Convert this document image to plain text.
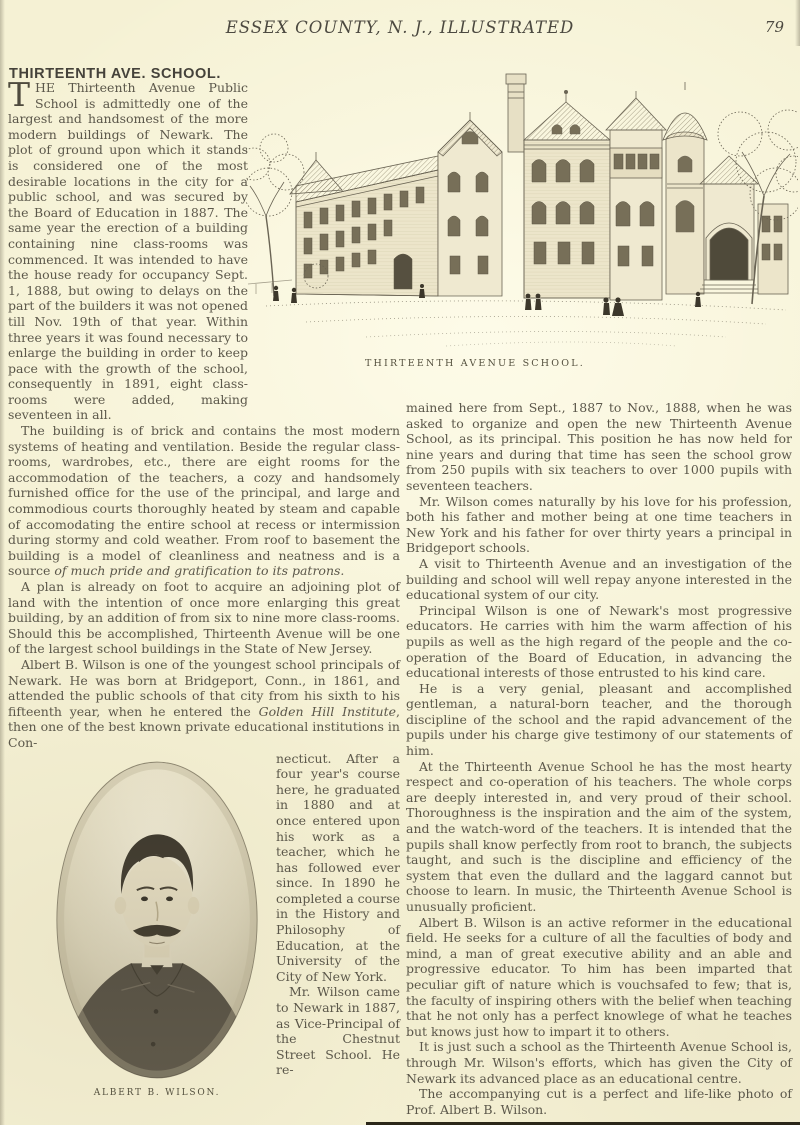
ESSEX COUNTY, N. J., ILLUSTRATED	79
THIRTEENTH AVE. SCHOOL.
THIRTEENTH AVENUE SCHOOL.

THE Thirteenth Avenue Public School is admittedly one of the largest and handsomest of the more modern buildings of Newark. The plot of ground upon which it stands is considered one of the most desirable locations in the city for a public school, and was secured by the Board of Education in 1887. The same year the erection of a building containing nine class-rooms was commenced. It was intended to have the house ready for occupancy Sept. 1, 1888, but owing to delays on the part of the builders it was not opened till Nov. 19th of that year. Within three years it was found necessary to enlarge the building in order to keep pace with the growth of the school, consequently in 1891, eight class-rooms were added, making seventeen in all.

The building is of brick and contains the most modern systems of heating and ventilation. Beside the regular class-rooms, wardrobes, etc., there are eight rooms for the accommodation of the teachers, a cozy and handsomely furnished office for the use of the principal, and large and commodious courts thoroughly heated by steam and capable of accomodating the entire school at recess or intermission during stormy and cold weather. From roof to basement the building is a model of cleanliness and neatness and is a source of much pride and gratification to its patrons.

A plan is already on foot to acquire an adjoining plot of land with the intention of once more enlarging this great building, by an addition of from six to nine more class-rooms. Should this be accomplished, Thirteenth Avenue will be one of the largest school buildings in the State of New Jersey.

Albert B. Wilson is one of the youngest school principals of Newark. He was born at Bridgeport, Conn., in 1861, and attended the public schools of that city from his sixth to his fifteenth year, when he entered the Golden Hill Institute, then one of the best known private educational institutions in Con-

ALBERT B. WILSON.

necticut. After a four year's course here, he graduated in 1880 and at once entered upon his work as a teacher, which he has followed ever since. In 1890 he completed a course in the History and Philosophy of Education, at the University of the City of New York.

Mr. Wilson came to Newark in 1887, as Vice-Principal of the Chestnut Street School. He re-

mained here from Sept., 1887 to Nov., 1888, when he was asked to organize and open the new Thirteenth Avenue School, as its principal. This position he has now held for nine years and during that time has seen the school grow from 250 pupils with six teachers to over 1000 pupils with seventeen teachers.

Mr. Wilson comes naturally by his love for his profession, both his father and mother being at one time teachers in New York and his father for over thirty years a principal in Bridgeport schools.

A visit to Thirteenth Avenue and an investigation of the building and school will well repay anyone interested in the educational system of our city.

Principal Wilson is one of Newark's most progressive educators. He carries with him the warm affection of his pupils as well as the high regard of the people and the co-operation of the Board of Education, in advancing the educational interests of those entrusted to his kind care.

He is a very genial, pleasant and accomplished gentleman, a natural-born teacher, and the thorough discipline of the school and the rapid advancement of the pupils under his charge give testimony of our statements of him.

At the Thirteenth Avenue School he has the most hearty respect and co-operation of his teachers. The whole corps are deeply interested in, and very proud of their school. Thoroughness is the inspiration and the aim of the system, and the watch-word of the teachers. It is intended that the pupils shall know perfectly from root to branch, the subjects taught, and such is the discipline and efficiency of the system that even the dullard and the laggard cannot but choose to learn. In music, the Thirteenth Avenue School is unusually proficient.

Albert B. Wilson is an active reformer in the educational field. He seeks for a culture of all the faculties of body and mind, a man of great executive ability and an able and progressive educator. To him has been imparted that peculiar gift of nature which is vouchsafed to few; that is, the faculty of inspiring others with the belief when teaching that he not only has a perfect knowlege of what he teaches but knows just how to impart it to others.

It is just such a school as the Thirteenth Avenue School is, through Mr. Wilson's efforts, which has given the City of Newark its advanced place as an educational centre.

The accompanying cut is a perfect and life-like photo of Prof. Albert B. Wilson.
